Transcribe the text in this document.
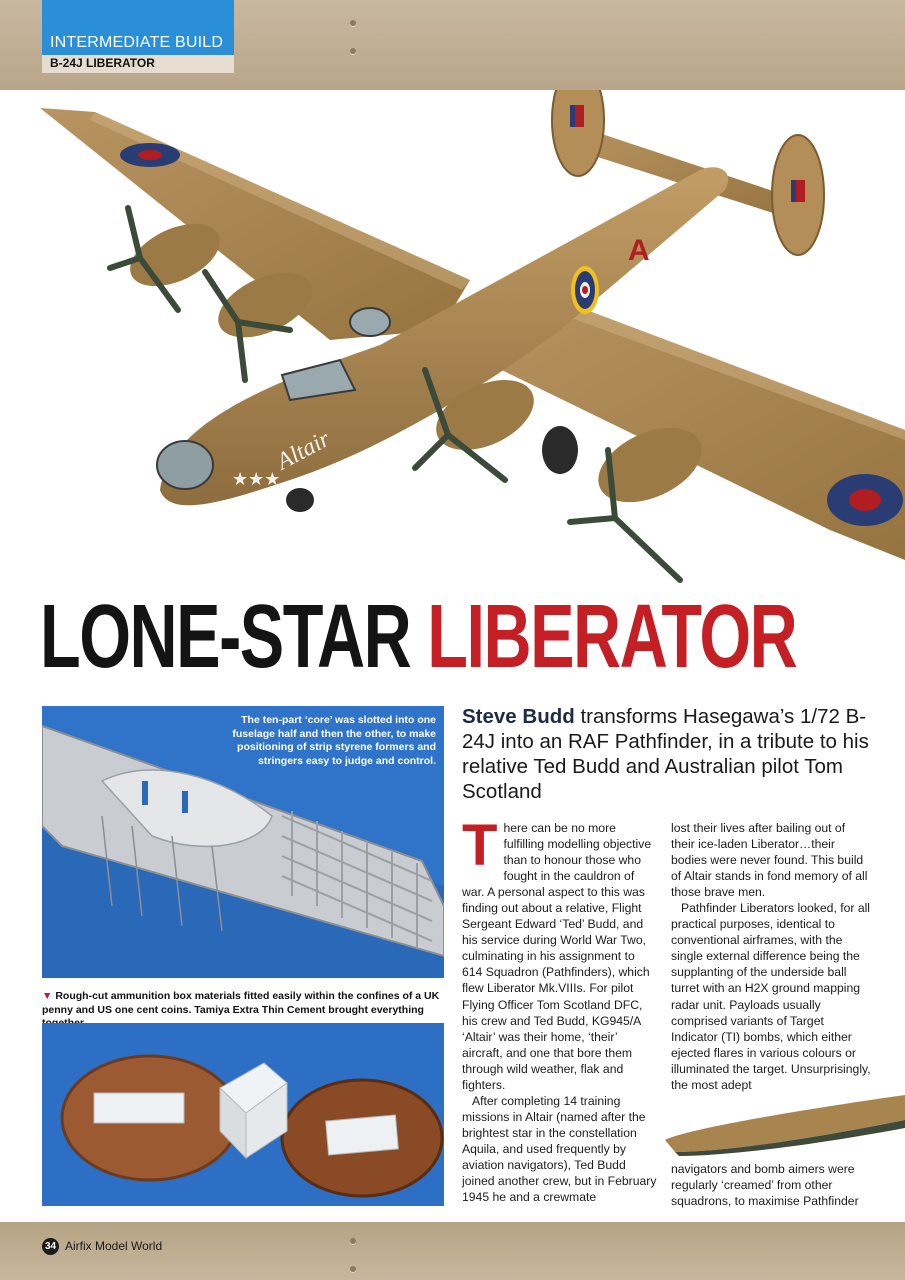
INTERMEDIATE BUILD
B-24J LIBERATOR
A
Altair
★★★
LONE-STAR LIBERATOR
The ten-part ‘core’ was slotted into one fuselage half and then the other, to make positioning of strip styrene formers and stringers easy to judge and control.
▼ Rough-cut ammunition box materials fitted easily within the confines of a UK penny and US one cent coins. Tamiya Extra Thin Cement brought everything
Steve Budd transforms Hasegawa’s 1/72 B-24J into an RAF Pathfinder, in a tribute to his relative Ted Budd and Australian pilot Tom Scotland

There can be no more fulfilling modelling objective than to honour those who fought in the cauldron of war. A personal aspect to this was finding out about a relative, Flight Sergeant Edward ‘Ted’ Budd, and his service during World War Two, culminating in his assignment to 614 Squadron (Pathfinders), which flew Liberator Mk.VIIIs. For pilot Flying Officer Tom Scotland DFC, his crew and Ted Budd, KG945/A ‘Altair’ was their home, ‘their’ aircraft, and one that bore them through wild weather, flak and fighters.

After completing 14 training missions in Altair (named after the brightest star in the constellation Aquila, and used frequently by aviation navigators), Ted Budd joined another crew, but in February 1945 he and a crewmate

lost their lives after bailing out of their ice-laden Liberator…their bodies were never found. This build of Altair stands in fond memory of all those brave men.

Pathfinder Liberators looked, for all practical purposes, identical to conventional airframes, with the single external difference being the supplanting of the underside ball turret with an H2X ground mapping radar unit. Payloads usually comprised variants of Target Indicator (TI) bombs, which either ejected flares in various colours or illuminated the target. Unsurprisingly, the most adept

navigators and bomb aimers were regularly ‘creamed’ from other squadrons, to maximise Pathfinder

34 Airfix Model World
